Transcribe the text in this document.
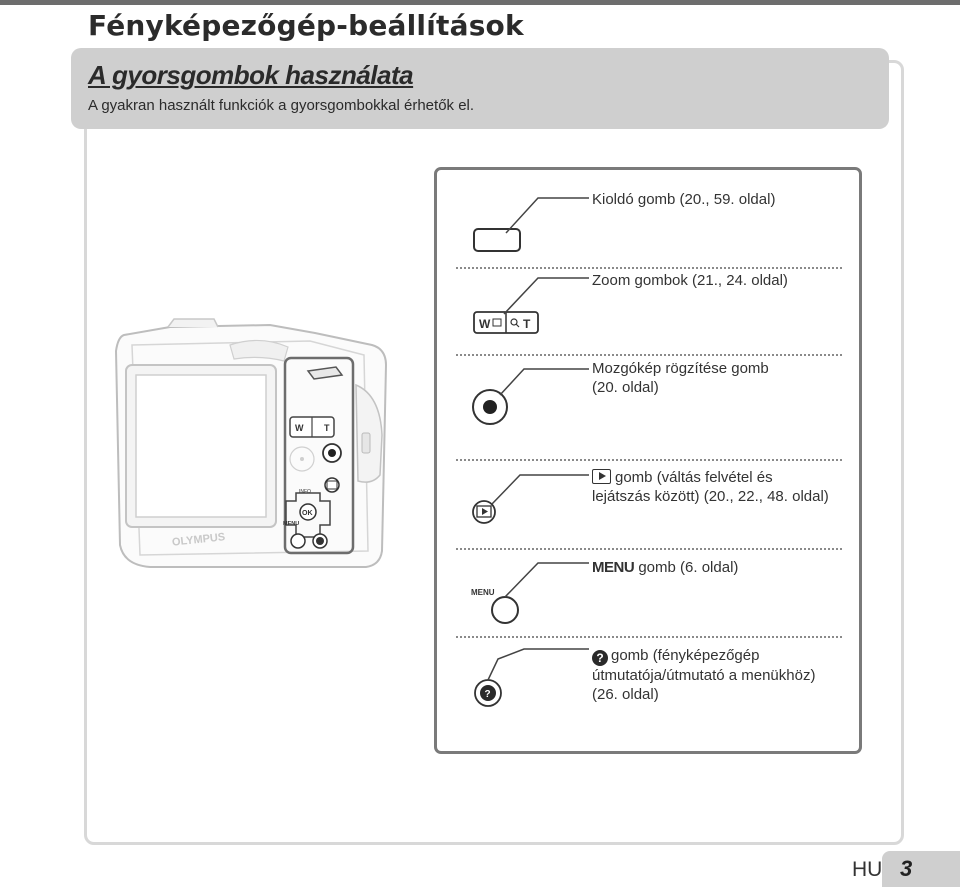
Fényképezőgép-beállítások
A gyorsgombok használata
A gyakran használt funkciók a gyorsgombokkal érhetők el.
OLYMPUS
W T
OK
INFO
MENU
W	T
MENU
?
Kioldó gomb (20., 59. oldal)
Zoom gombok (21., 24. oldal)
Mozgókép rögzítése gomb
(20. oldal)
gomb (váltás felvétel és
lejátszás között) (20., 22., 48. oldal)
MENU gomb (6. oldal)
? gomb (fényképezőgép
útmutatója/útmutató a menükhöz)
(26. oldal)
HU 3
